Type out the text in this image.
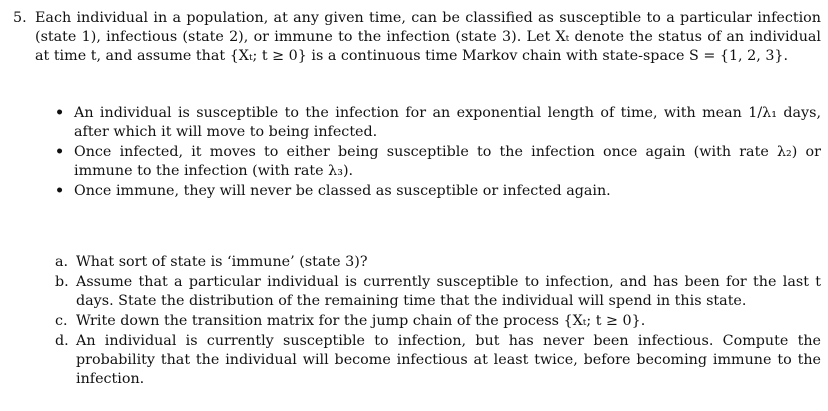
5. Each individual in a population, at any given time, can be classified as susceptible to a particular infection (state 1), infectious (state 2), or immune to the infection (state 3). Let Xₜ denote the status of an individual at time t, and assume that {Xₜ; t ≥ 0} is a continuous time Markov chain with state-space S = {1, 2, 3}.
• An individual is susceptible to the infection for an exponential length of time, with mean 1/λ₁ days, after which it will move to being infected.
• Once infected, it moves to either being susceptible to the infection once again (with rate λ₂) or immune to the infection (with rate λ₃).
• Once immune, they will never be classed as susceptible or infected again.
a. What sort of state is ‘immune’ (state 3)?
b. Assume that a particular individual is currently susceptible to infection, and has been for the last t days. State the distribution of the remaining time that the individual will spend in this state.
c. Write down the transition matrix for the jump chain of the process {Xₜ; t ≥ 0}.
d. An individual is currently susceptible to infection, but has never been infectious. Compute the probability that the individual will become infectious at least twice, before becoming immune to the infection.
